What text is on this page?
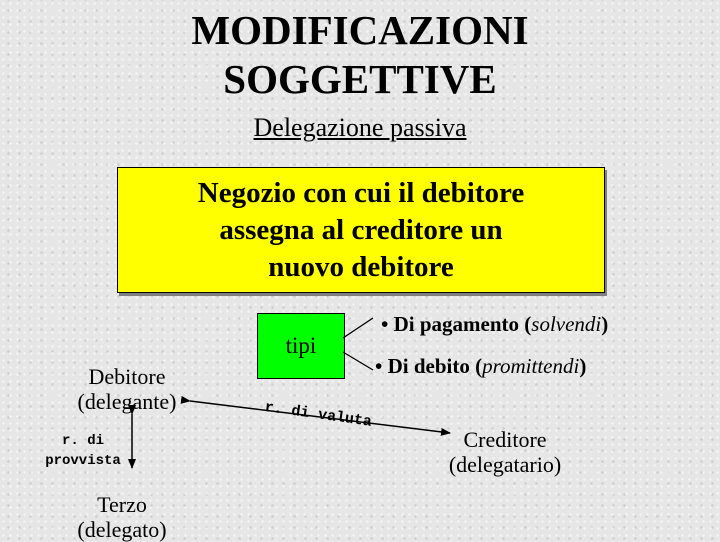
MODIFICAZIONI
SOGGETTIVE
Delegazione passiva
Negozio con cui il debitore
assegna al creditore un
nuovo debitore
tipi
• Di pagamento (solvendi)
• Di debito (promittendi)
Debitore
(delegante)
r. di
provvista
Terzo
(delegato)
r. di valuta
Creditore
(delegatario)
